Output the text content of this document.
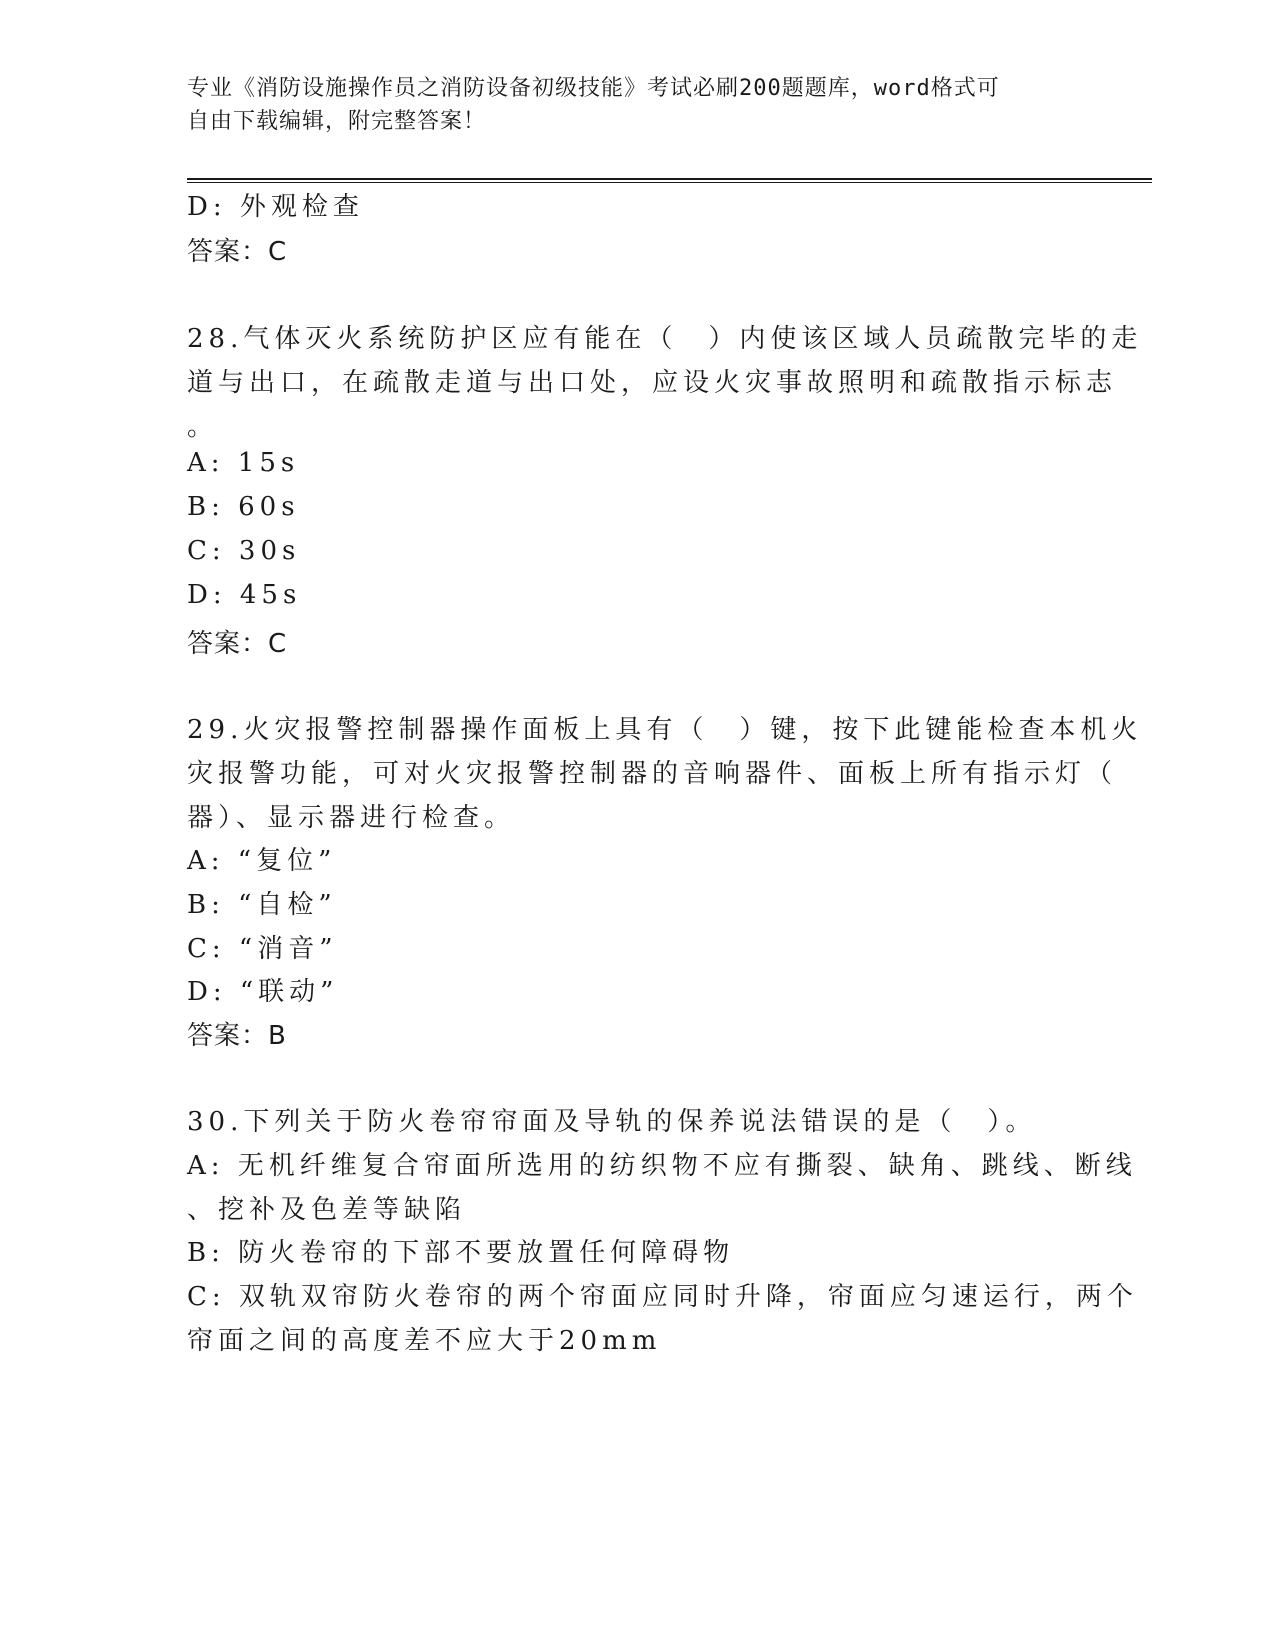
专业《消防设施操作员之消防设备初级技能》考试必刷200题题库，word格式可
自由下载编辑，附完整答案！
D: 外观检查
答案：C
28.气体灭火系统防护区应有能在（　）内使该区域人员疏散完毕的走
道与出口，在疏散走道与出口处，应设火灾事故照明和疏散指示标志
。
A: 15s
B: 60s
C: 30s
D: 45s
答案：C
29.火灾报警控制器操作面板上具有（　）键，按下此键能检查本机火
灾报警功能，可对火灾报警控制器的音响器件、面板上所有指示灯（
器）、显示器进行检查。
A: “复位”
B: “自检”
C: “消音”
D: “联动”
答案：B
30.下列关于防火卷帘帘面及导轨的保养说法错误的是（　）。
A: 无机纤维复合帘面所选用的纺织物不应有撕裂、缺角、跳线、断线
、挖补及色差等缺陷
B: 防火卷帘的下部不要放置任何障碍物
C: 双轨双帘防火卷帘的两个帘面应同时升降，帘面应匀速运行，两个
帘面之间的高度差不应大于20mm
